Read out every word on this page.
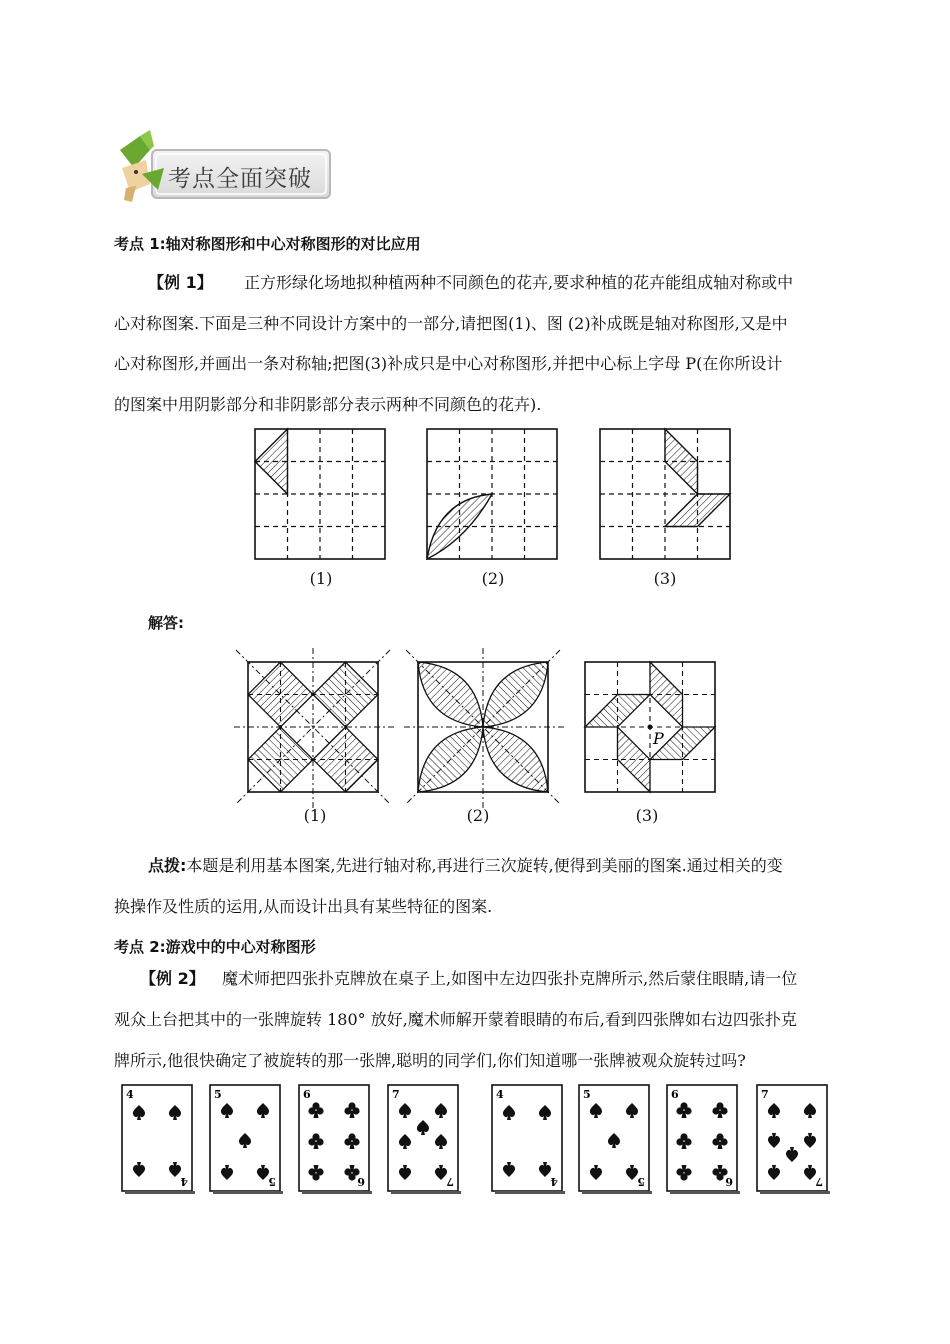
考点全面突破
考点 1:轴对称图形和中心对称图形的对比应用
【例 1】 正方形绿化场地拟种植两种不同颜色的花卉,要求种植的花卉能组成轴对称或中
心对称图案.下面是三种不同设计方案中的一部分,请把图(1)、图 (2)补成既是轴对称图形,又是中
心对称图形,并画出一条对称轴;把图(3)补成只是中心对称图形,并把中心标上字母 P(在你所设计
的图案中用阴影部分和非阴影部分表示两种不同颜色的花卉).
(1)	(2)	(3)
解答:
P
(1)	(2)	(3)
点拨:本题是利用基本图案,先进行轴对称,再进行三次旋转,便得到美丽的图案.通过相关的变
换操作及性质的运用,从而设计出具有某些特征的图案.
考点 2:游戏中的中心对称图形
【例 2】 魔术师把四张扑克牌放在桌子上,如图中左边四张扑克牌所示,然后蒙住眼睛,请一位
观众上台把其中的一张牌旋转 180° 放好,魔术师解开蒙着眼睛的布后,看到四张牌如右边四张扑克
牌所示,他很快确定了被旋转的那一张牌,聪明的同学们,你们知道哪一张牌被观众旋转过吗?
4
4
5
5
6
6
7
7
4
4
5
5
6
6
7
7
